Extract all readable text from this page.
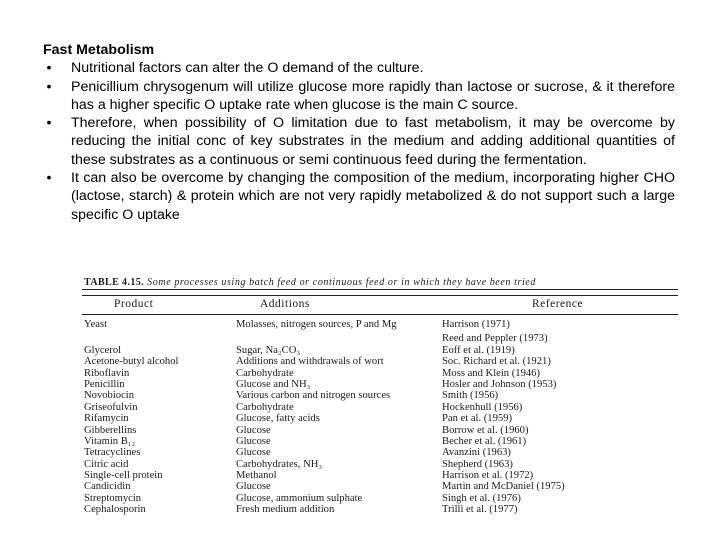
Fast Metabolism
• Nutritional factors can alter the O demand of the culture.
• Penicillium chrysogenum will utilize glucose more rapidly than lactose or sucrose, & it therefore has a higher specific O uptake rate when glucose is the main C source.
• Therefore, when possibility of O limitation due to fast metabolism, it may be overcome by reducing the initial conc of key substrates in the medium and adding additional quantities of these substrates as a continuous or semi continuous feed during the fermentation.
• It can also be overcome by changing the composition of the medium, incorporating higher CHO (lactose, starch) & protein which are not very rapidly metabolized & do not support such a large specific O uptake
TABLE 4.15. Some processes using batch feed or continuous feed or in which they have been tried
Product	Additions	Reference
Yeast	Molasses, nitrogen sources, P and Mg	Harrison (1971)
Reed and Peppler (1973)
Glycerol	Sugar, Na₂CO₃	Eoff et al. (1919)
Acetone-butyl alcohol	Additions and withdrawals of wort	Soc. Richard et al. (1921)
Riboflavin	Carbohydrate	Moss and Klein (1946)
Penicillin	Glucose and NH₃	Hosler and Johnson (1953)
Novobiocin	Various carbon and nitrogen sources	Smith (1956)
Griseofulvin	Carbohydrate	Hockenhull (1956)
Rifamycin	Glucose, fatty acids	Pan et al. (1959)
Gibberellins	Glucose	Borrow et al. (1960)
Vitamin B₁₂	Glucose	Becher et al. (1961)
Tetracyclines	Glucose	Avanzini (1963)
Citric acid	Carbohydrates, NH₃	Shepherd (1963)
Single-cell protein	Methanol	Harrison et al. (1972)
Candicidin	Glucose	Martin and McDaniel (1975)
Streptomycin	Glucose, ammonium sulphate	Singh et al. (1976)
Cephalosporin	Fresh medium addition	Trilli et al. (1977)
